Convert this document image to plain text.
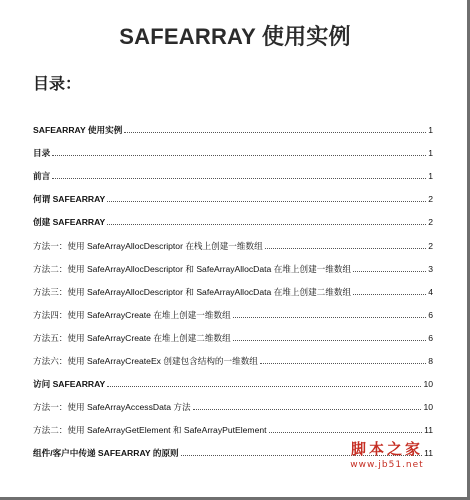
SAFEARRAY 使用实例
目录：
SAFEARRAY 使用实例	1
目录	1
前言	1
何谓 SAFEARRAY	2
创建 SAFEARRAY	2
方法一：使用 SafeArrayAllocDescriptor 在栈上创建一维数组	2
方法二：使用 SafeArrayAllocDescriptor 和 SafeArrayAllocData 在堆上创建一维数组	3
方法三：使用 SafeArrayAllocDescriptor 和 SafeArrayAllocData 在堆上创建二维数组	4
方法四：使用 SafeArrayCreate 在堆上创建一维数组	6
方法五：使用 SafeArrayCreate 在堆上创建二维数组	6
方法六：使用 SafeArrayCreateEx 创建包含结构的一维数组	8
访问 SAFEARRAY	10
方法一：使用 SafeArrayAccessData 方法	10
方法二：使用 SafeArrayGetElement 和 SafeArrayPutElement	11
组件/客户中传递 SAFEARRAY 的原则	11
脚本之家
www.jb51.net
